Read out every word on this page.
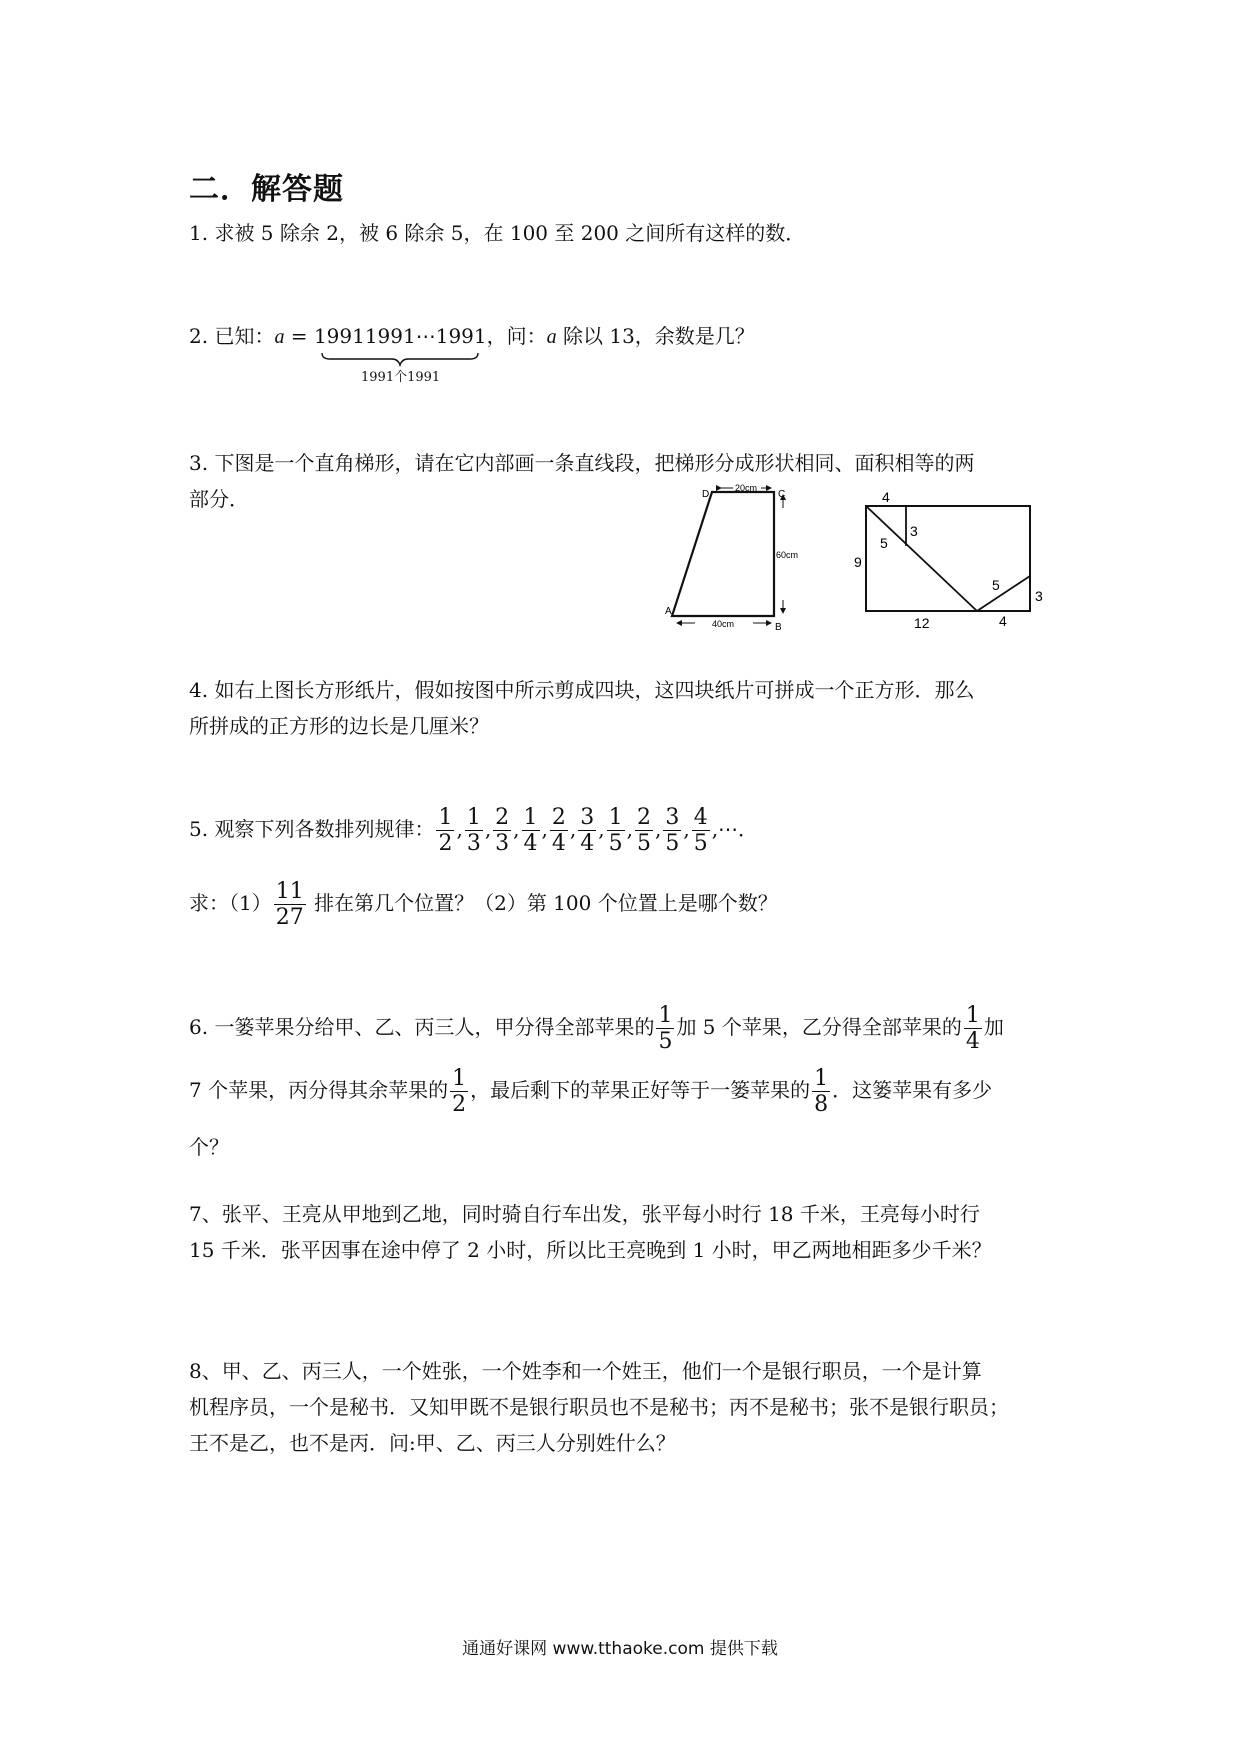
二．解答题
1. 求被 5 除余 2，被 6 除余 5，在 100 至 200 之间所有这样的数．
2. 已知：a = 19911991⋯1991，问：a 除以 13，余数是几？
1991个1991
3. 下图是一个直角梯形，请在它内部画一条直线段，把梯形分成形状相同、面积相等的两
部分．	D	C
A
B
20cm
60cm
40cm
4
3
5
9
5
3
12	4
4. 如右上图长方形纸片，假如按图中所示剪成四块，这四块纸片可拼成一个正方形．那么
所拼成的正方形的边长是几厘米？
5. 观察下列各数排列规律： $\frac{1}{2}$ , $\frac{1}{3}$ , $\frac{2}{3}$ , $\frac{1}{4}$ , $\frac{2}{4}$ , $\frac{3}{4}$ , $\frac{1}{5}$ , $\frac{2}{5}$ , $\frac{3}{5}$ , $\frac{4}{5}$ ,⋯．
求：$(1) \frac{11}{27}$ 排在第几个位置？（2）第 100 个位置上是哪个数？
6. 一篓苹果分给甲、乙、丙三人，甲分得全部苹果的 $\frac{1}{5}$ 加 5 个苹果，乙分得全部苹果的 $\frac{1}{4}$ 加
7 个苹果，丙分得其余苹果的 $\frac{1}{2}$ ，最后剩下的苹果正好等于一篓苹果的 $\frac{1}{8}$ ．这篓苹果有多少
个？
7、张平、王亮从甲地到乙地，同时骑自行车出发，张平每小时行 18 千米，王亮每小时行
15 千米．张平因事在途中停了 2 小时，所以比王亮晚到 1 小时，甲乙两地相距多少千米？
8、甲、乙、丙三人，一个姓张，一个姓李和一个姓王，他们一个是银行职员，一个是计算
机程序员，一个是秘书．又知甲既不是银行职员也不是秘书；丙不是秘书；张不是银行职员；
王不是乙，也不是丙．问:甲、乙、丙三人分别姓什么？
通通好课网 www.tthaoke.com 提供下载
